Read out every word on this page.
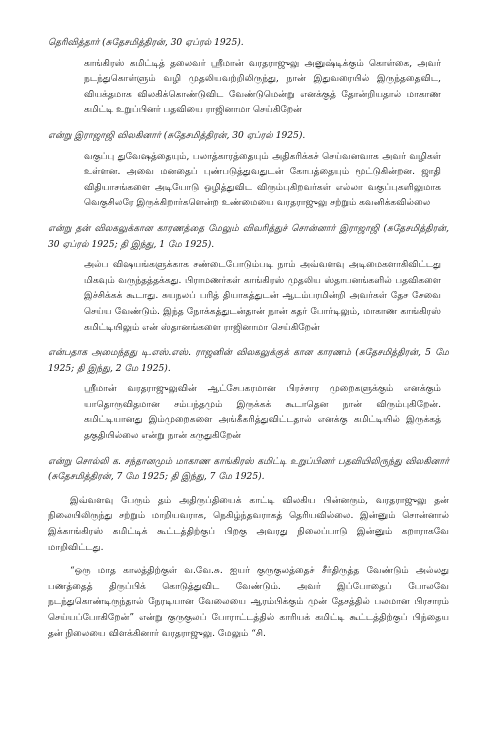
தெரிவித்தார் (சுதேசமித்திரன், 30 ஏப்ரல் 1925).

காங்கிரஸ் கமிட்டித் தலைவர் ஸ்ரீமான் வரதராஜுலு அனுஷ்டிக்கும் கொள்கை, அவர் நடந்துகொள்ளும் வழி முதலியவற்றிலிருந்து, நான் இதுவரையில் இருந்ததைவிட, வியக்தமாக விலகிக்கொண்டுவிட வேண்டுமென்று எனக்குத் தோன்றியதால் மாகாண கமிட்டி உறுப்பினர் பதவியை ராஜினாமா செய்கிறேன்

என்று இராஜாஜி விலகினார் (சுதேசமித்திரன், 30 ஏப்ரல் 1925).

வகுப்பு துவேஷத்தையும், பலாத்காரத்தையும் அதிகரிக்கச் செய்வனவாக அவர் வழிகள் உள்ளன. அவை மனதைப் புண்படுத்துவதுடன் கோபத்தையும் மூட்டுகின்றன. ஜாதி விதியாசங்களை அடியோடு ஒழித்துவிட விரும்புகிறவர்கள் எல்லா வகுப்புகளிலுமாக வெகுசிலரே இருக்கிறார்களென்ற உண்மையை வரதராஜுலு சற்றும் கவனிக்கவில்லை

என்று தன் விலகலுக்கான காரணத்தை மேலும் விவரித்துச் சொன்னார் இராஜாஜி (சுதேசமித்திரன், 30 ஏப்ரல் 1925; தி இந்து, 1 மே 1925).

அல்ப விஷயங்களுக்காக சண்டைபோடும்படி நாம் அவ்வளவு அடிமைகளாகிவிட்டது மிகவும் வருந்தத்தக்கது. பிராமணர்கள் காங்கிரஸ் முதலிய ஸ்தாபனங்களில் பதவிகளை இச்சிக்கக் கூடாது. சுயநலப் பரித் தியாகத்துடன் ஆடம்பரமின்றி அவர்கள் தேச சேவை செய்ய வேண்டும். இந்த நோக்கத்துடன்தான் நான் கதர் போர்டிலும், மாகாண காங்கிரஸ் கமிட்டியிலும் என் ஸ்தானங்களை ராஜினாமா செய்கிறேன்

என்பதாக அமைந்தது டி.எஸ்.எஸ். ராஜனின் விலகலுக்குக் கான காரணம் (சுதேசமித்திரன், 5 மே 1925; தி இந்து, 2 மே 1925).

ஸ்ரீமான் வரதராஜுலுவின் ஆட்சேபகரமான பிரச்சார முறைகளுக்கும் எனக்கும் யாதொருவிதமான சம்பந்தமும் இருக்கக் கூடாதென நான் விரும்புகிறேன். கமிட்டியானது இம்முறைகளை அங்கீகரித்துவிட்டதால் எனக்கு கமிட்டியில் இருக்கத் தகுதியில்லை என்று நான் கருதுகிறேன்

என்று சொல்லி க. சந்தானமும் மாகாண காங்கிரஸ் கமிட்டி உறுப்பினர் பதவியிலிருந்து விலகினார் (சுதேசமித்திரன், 7 மே 1925; தி இந்து, 7 மே 1925).

இவ்வளவு பேரும் தம் அதிருப்தியைக் காட்டி விலகிய பின்னரும், வரதராஜுலு தன் நிலையிலிருந்து சற்றும் மாறியவராக, நெகிழ்ந்தவராகத் தெரியவில்லை. இன்னும் சொன்னால் இக்காங்கிரஸ் கமிட்டிக் கூட்டத்திற்குப் பிறகு அவரது நிலைப்பாடு இன்னும் கறாராகவே மாறிவிட்டது.

“ஒரு மாத காலத்திற்குள் வ.வே.சு. ஐயர் குருகுலத்தைச் சீர்திருத்த வேண்டும் அல்லது பணத்தைத் திருப்பிக் கொடுத்துவிட வேண்டும். அவர் இப்போதைப் போலவே நடந்துகொண்டிருந்தால் நேரடியான வேலையை ஆரம்பிக்கும் முன் தேசத்தில் பலமான பிரசாரம் செய்யப்போகிறேன்” என்று குருகுலப் போராட்டத்தில் காரியக் கமிட்டி கூட்டத்திற்குப் பிந்தைய தன் நிலையை விளக்கினார் வரதராஜுலு. மேலும் “சி.
